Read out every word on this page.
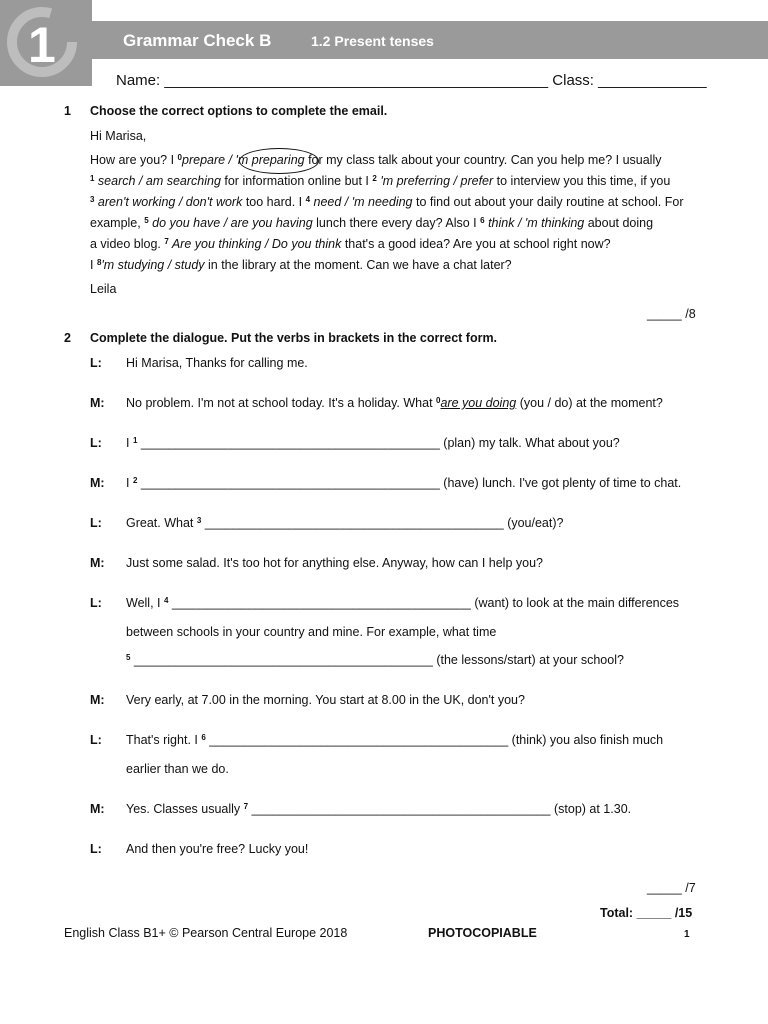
1	Grammar Check B	1.2 Present tenses
Name: ______________________________________________ Class: _____________
1 Choose the correct options to complete the email.
Hi Marisa,
How are you? I $^0$prepare / 'm preparing for my class talk about your country. Can you help me? I usually
$^1$ search / am searching for information online but I $^2$ 'm preferring / prefer to interview you this time, if you
$^3$ aren't working / don't work too hard. I $^4$ need / 'm needing to find out about your daily routine at school. For
example, $^5$ do you have / are you having lunch there every day? Also I $^6$ think / 'm thinking about doing
a video blog. $^7$ Are you thinking / Do you think that's a good idea? Are you at school right now?
I $^8$'m studying / study in the library at the moment. Can we have a chat later?
Leila
_____ /8
2 Complete the dialogue. Put the verbs in brackets in the correct form.
L: Hi Marisa, Thanks for calling me.
M: No problem. I'm not at school today. It's a holiday. What $^0$are you doing (you / do) at the moment?
L: I $^1$ ___________________________________________ (plan) my talk. What about you?
M: I $^2$ ___________________________________________ (have) lunch. I've got plenty of time to chat.
L: Great. What $^3$ ___________________________________________ (you/eat)?
M: Just some salad. It's too hot for anything else. Anyway, how can I help you?
L: Well, I $^4$ ___________________________________________ (want) to look at the main differences
between schools in your country and mine. For example, what time
$^5$ ___________________________________________ (the lessons/start) at your school?
M: Very early, at 7.00 in the morning. You start at 8.00 in the UK, don't you?
L: That's right. I $^6$ ___________________________________________ (think) you also finish much
earlier than we do.
M: Yes. Classes usually $^7$ ___________________________________________ (stop) at 1.30.
L: And then you're free? Lucky you!
_____ /7
Total: _____ /15
English Class B1+ © Pearson Central Europe 2018	PHOTOCOPIABLE	1
